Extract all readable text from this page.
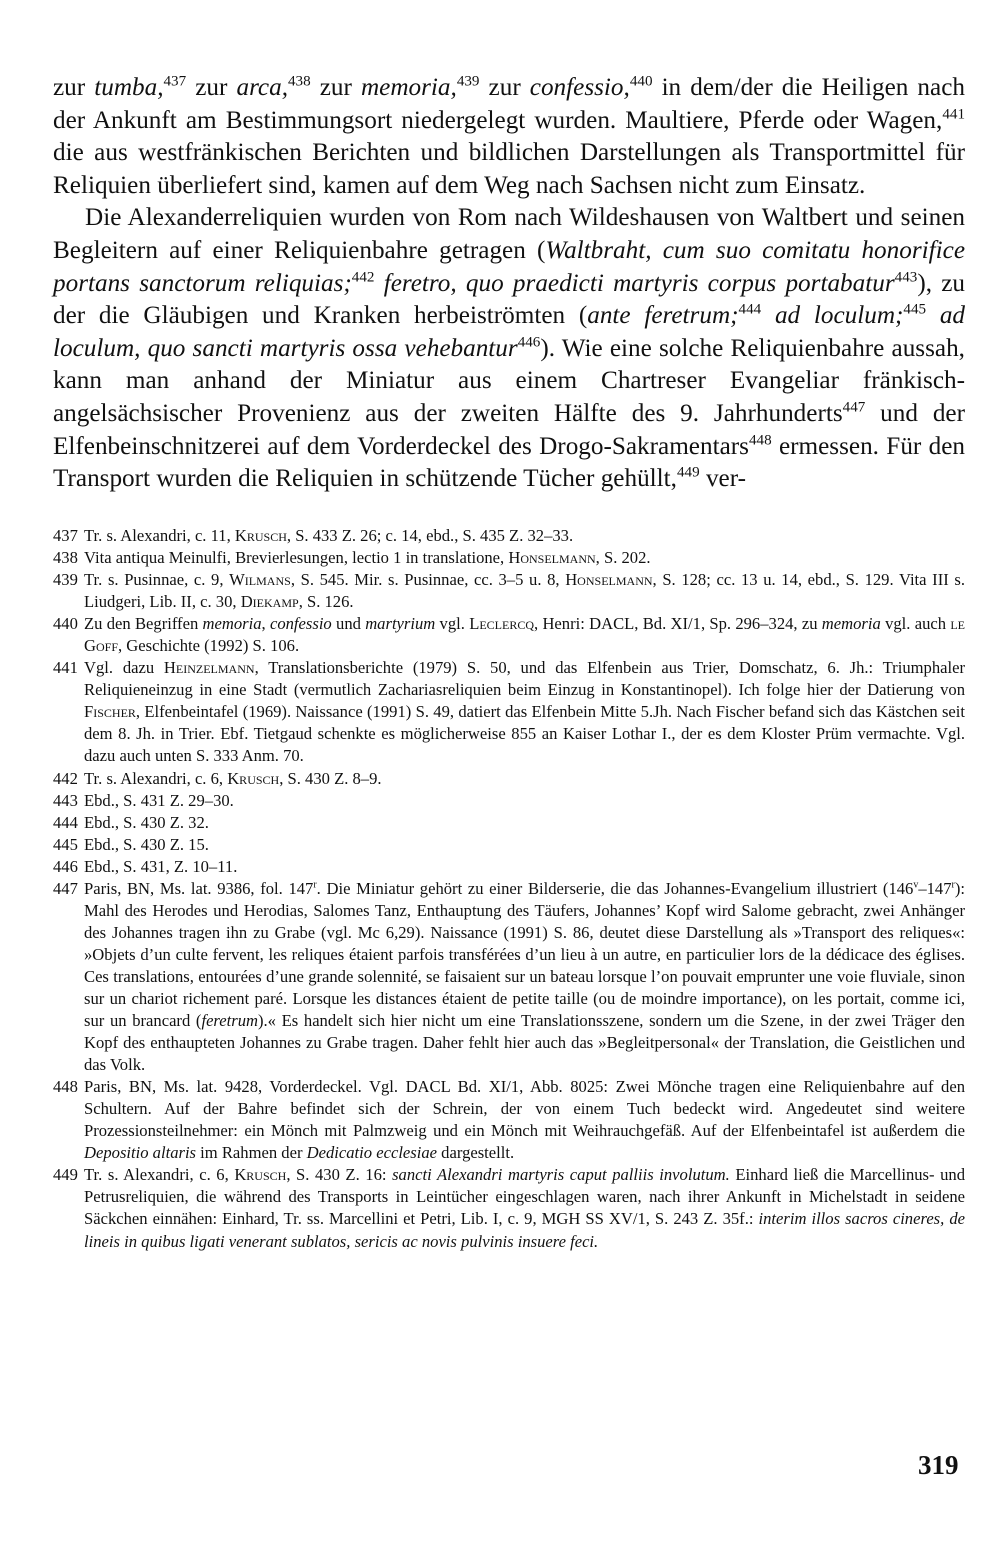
zur tumba,$^{437}$ zur arca,$^{438}$ zur memoria,$^{439}$ zur confessio,$^{440}$ in dem/der die Heiligen nach der Ankunft am Bestimmungsort niedergelegt wurden. Maultiere, Pferde oder Wagen,$^{441}$ die aus westfränkischen Berichten und bildlichen Darstellungen als Transportmittel für Reliquien überliefert sind, kamen auf dem Weg nach Sachsen nicht zum Einsatz.

Die Alexanderreliquien wurden von Rom nach Wildeshausen von Waltbert und seinen Begleitern auf einer Reliquienbahre getragen (Waltbraht, cum suo comitatu honorifice portans sanctorum reliquias;$^{442}$ feretro, quo praedicti martyris corpus portabatur$^{443}$), zu der die Gläubigen und Kranken herbeiströmten (ante feretrum;$^{444}$ ad loculum;$^{445}$ ad loculum, quo sancti martyris ossa vehebantur$^{446}$). Wie eine solche Reliquienbahre aussah, kann man anhand der Miniatur aus einem Chartreser Evangeliar fränkisch-angelsächsischer Provenienz aus der zweiten Hälfte des 9. Jahrhunderts$^{447}$ und der Elfenbeinschnitzerei auf dem Vorderdeckel des Drogo-Sakramentars$^{448}$ ermessen. Für den Transport wurden die Reliquien in schützende Tücher gehüllt,$^{449}$ ver-

437 Tr. s. Alexandri, c. 11, Krusch, S. 433 Z. 26; c. 14, ebd., S. 435 Z. 32–33.
438 Vita antiqua Meinulfi, Brevierlesungen, lectio 1 in translatione, Honselmann, S. 202.
439 Tr. s. Pusinnae, c. 9, Wilmans, S. 545. Mir. s. Pusinnae, cc. 3–5 u. 8, Honselmann, S. 128; cc. 13 u. 14, ebd., S. 129. Vita III s. Liudgeri, Lib. II, c. 30, Diekamp, S. 126.
440 Zu den Begriffen memoria, confessio und martyrium vgl. Leclercq, Henri: DACL, Bd. XI/1, Sp. 296–324, zu memoria vgl. auch le Goff, Geschichte (1992) S. 106.
441 Vgl. dazu Heinzelmann, Translationsberichte (1979) S. 50, und das Elfenbein aus Trier, Domschatz, 6. Jh.: Triumphaler Reliquieneinzug in eine Stadt (vermutlich Zachariasreliquien beim Einzug in Konstantinopel). Ich folge hier der Datierung von Fischer, Elfenbeintafel (1969). Naissance (1991) S. 49, datiert das Elfenbein Mitte 5.Jh. Nach Fischer befand sich das Kästchen seit dem 8. Jh. in Trier. Ebf. Tietgaud schenkte es möglicherweise 855 an Kaiser Lothar I., der es dem Kloster Prüm vermachte. Vgl. dazu auch unten S. 333 Anm. 70.
442 Tr. s. Alexandri, c. 6, Krusch, S. 430 Z. 8–9.
443 Ebd., S. 431 Z. 29–30.
444 Ebd., S. 430 Z. 32.
445 Ebd., S. 430 Z. 15.
446 Ebd., S. 431, Z. 10–11.
447 Paris, BN, Ms. lat. 9386, fol. 147$^r$. Die Miniatur gehört zu einer Bilderserie, die das Johannes-Evangelium illustriert (146$^v$–147$^r$): Mahl des Herodes und Herodias, Salomes Tanz, Enthauptung des Täufers, Johannes’ Kopf wird Salome gebracht, zwei Anhänger des Johannes tragen ihn zu Grabe (vgl. Mc 6,29). Naissance (1991) S. 86, deutet diese Darstellung als »Transport des reliques«: »Objets d’un culte fervent, les reliques étaient parfois transférées d’un lieu à un autre, en particulier lors de la dédicace des églises. Ces translations, entourées d’une grande solennité, se faisaient sur un bateau lorsque l’on pouvait emprunter une voie fluviale, sinon sur un chariot richement paré. Lorsque les distances étaient de petite taille (ou de moindre importance), on les portait, comme ici, sur un brancard (feretrum).« Es handelt sich hier nicht um eine Translationsszene, sondern um die Szene, in der zwei Träger den Kopf des enthaupteten Johannes zu Grabe tragen. Daher fehlt hier auch das »Begleitpersonal« der Translation, die Geistlichen und das Volk.
448 Paris, BN, Ms. lat. 9428, Vorderdeckel. Vgl. DACL Bd. XI/1, Abb. 8025: Zwei Mönche tragen eine Reliquienbahre auf den Schultern. Auf der Bahre befindet sich der Schrein, der von einem Tuch bedeckt wird. Angedeutet sind weitere Prozessionsteilnehmer: ein Mönch mit Palmzweig und ein Mönch mit Weihrauchgefäß. Auf der Elfenbeintafel ist außerdem die Depositio altaris im Rahmen der Dedicatio ecclesiae dargestellt.
449 Tr. s. Alexandri, c. 6, Krusch, S. 430 Z. 16: sancti Alexandri martyris caput palliis involutum. Einhard ließ die Marcellinus- und Petrusreliquien, die während des Transports in Leintücher eingeschlagen waren, nach ihrer Ankunft in Michelstadt in seidene Säckchen einnähen: Einhard, Tr. ss. Marcellini et Petri, Lib. I, c. 9, MGH SS XV/1, S. 243 Z. 35f.: interim illos sacros cineres, de lineis in quibus ligati venerant sublatos, sericis ac novis pulvinis insuere feci.
319
